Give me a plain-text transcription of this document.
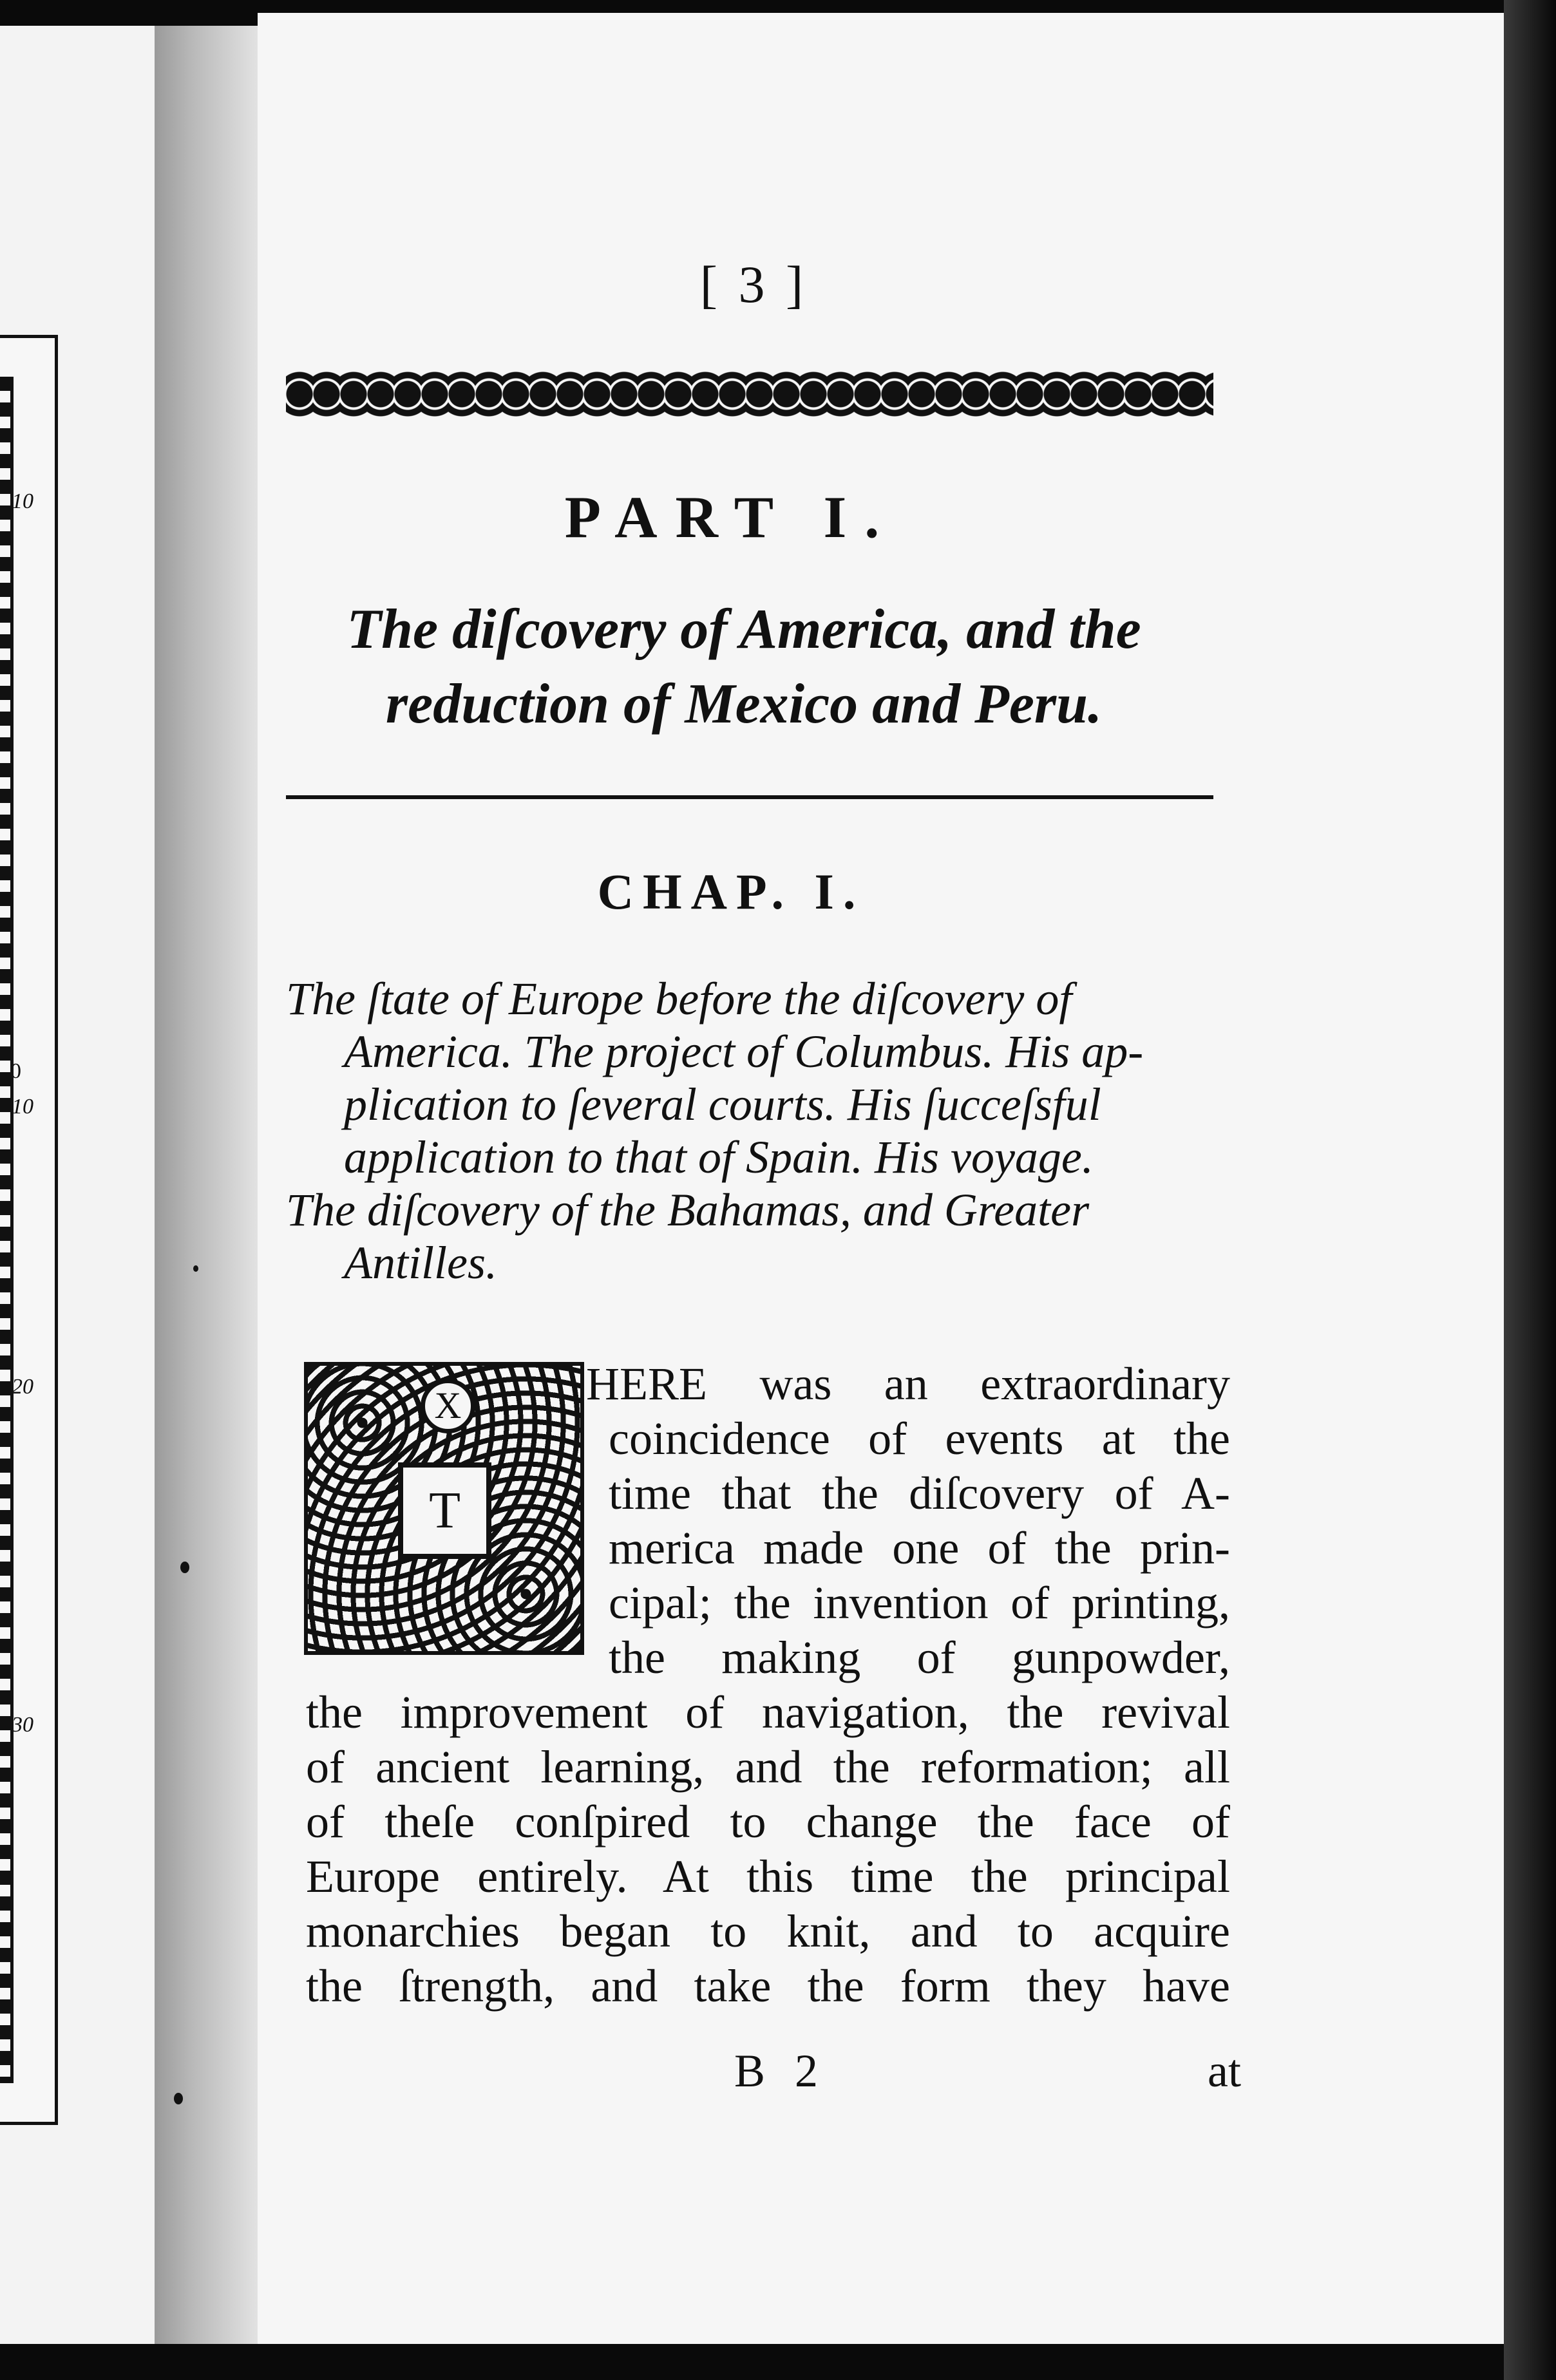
10
0
10
20
30
[ 3 ]
PART I.
The diſcovery of America, and the
reduction of Mexico and Peru.
CHAP. I.
The ſtate of Europe before the diſcovery of
America. The project of Columbus. His ap-
plication to ſeveral courts. His ſucceſsful
application to that of Spain. His voyage.
The diſcovery of the Bahamas, and Greater
Antilles.
X
T
HERE was an extraordinary
coincidence of events at the
time that the diſcovery of A-
merica made one of the prin-
cipal; the invention of printing,
the making of gunpowder,
the improvement of navigation, the revival
of ancient learning, and the reformation; all
of theſe conſpired to change the face of
Europe entirely. At this time the principal
monarchies began to knit, and to acquire
the ſtrength, and take the form they have
B 2	at
